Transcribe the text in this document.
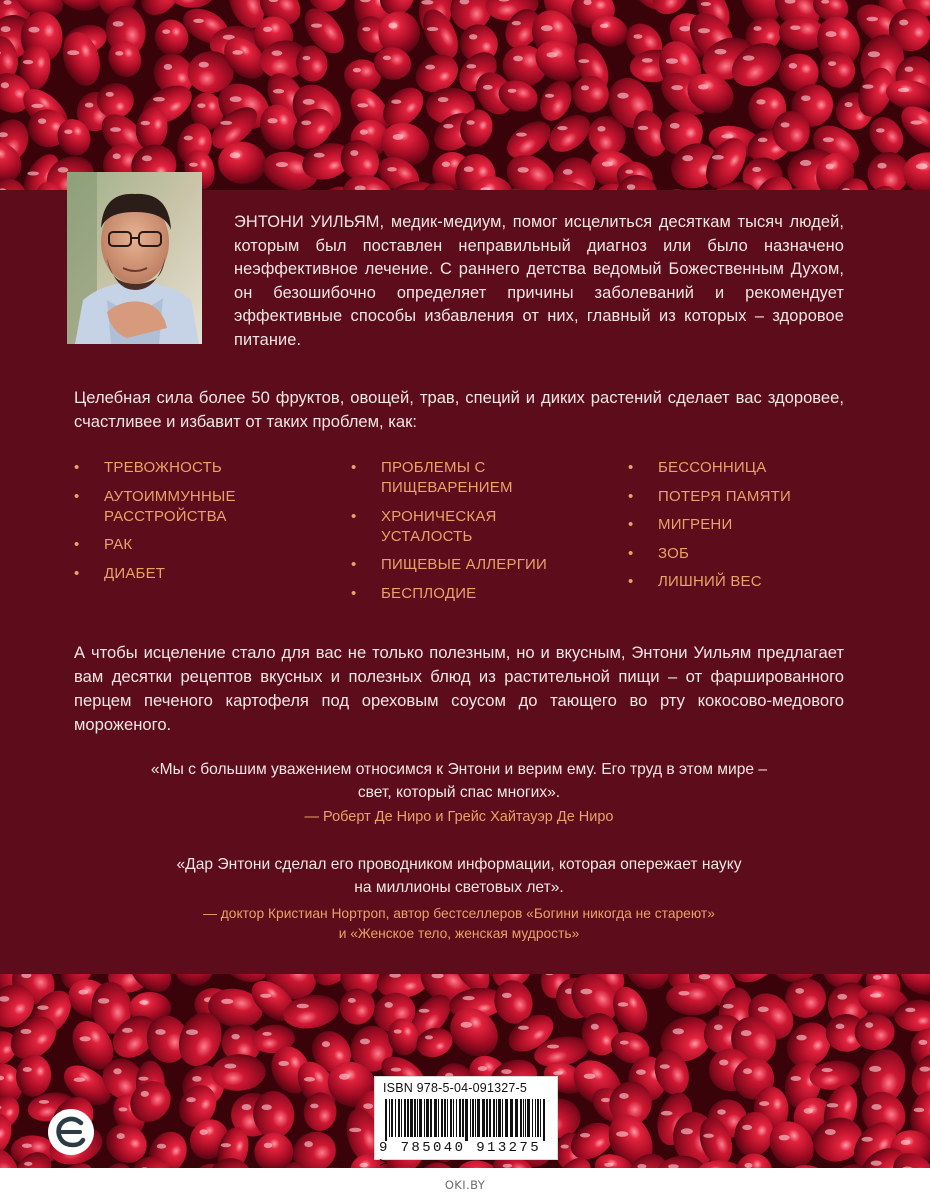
ЭНТОНИ УИЛЬЯМ, медик-медиум, помог исцелиться десяткам тысяч людей, которым был поставлен неправильный диагноз или было назначено неэффективное лечение. С раннего детства ведомый Божественным Духом, он безошибочно определяет причины заболеваний и рекомендует эффективные способы избавления от них, главный из которых – здоровое питание.
Целебная сила более 50 фруктов, овощей, трав, специй и диких растений сделает вас здоровее, счастливее и избавит от таких проблем, как:
• ТРЕВОЖНОСТЬ
• АУТОИММУННЫЕ РАССТРОЙСТВА
• РАК
• ДИАБЕТ
• ПРОБЛЕМЫ С ПИЩЕВАРЕНИЕМ
• ХРОНИЧЕСКАЯ УСТАЛОСТЬ
• ПИЩЕВЫЕ АЛЛЕРГИИ
• БЕСПЛОДИЕ
• БЕССОННИЦА
• ПОТЕРЯ ПАМЯТИ
• МИГРЕНИ
• ЗОБ
• ЛИШНИЙ ВЕС
А чтобы исцеление стало для вас не только полезным, но и вкусным, Энтони Уильям предлагает вам десятки рецептов вкусных и полезных блюд из растительной пищи – от фаршированного перцем печеного картофеля под ореховым соусом до тающего во рту кокосово-медового мороженого.
«Мы с большим уважением относимся к Энтони и верим ему. Его труд в этом мире –
свет, который спас многих».
— Роберт Де Ниро и Грейс Хайтауэр Де Ниро
«Дар Энтони сделал его проводником информации, которая опережает науку
на миллионы световых лет».
— доктор Кристиан Нортроп, автор бестселлеров «Богини никогда не стареют»
и «Женское тело, женская мудрость»
ISBN 978-5-04-091327-5
9 785040 913275 >
OKI.BY
